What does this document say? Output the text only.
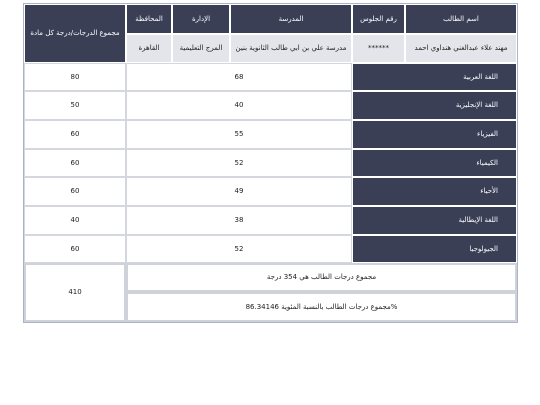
مجموع الدرجات/درجة كل مادة
المحافظة	الإدارة	المدرسة	رقم الجلوس	اسم الطالب
القاهرة	المرج التعليمية	مدرسة علي بن ابي طالب الثانوية بنين	******	مهند علاء عبدالغني هنداوي احمد
80	68	اللغة العربية
50	40	اللغة الإنجليزية
60	55	الفيزياء
60	52	الكيمياء
60	49	الأحياء
40	38	اللغة الإيطالية
60	52	الجيولوجيا
410
مجموع درجات الطالب هي 354 درجة
مجموع درجات الطالب بالنسبة المئوية 86.34146%
